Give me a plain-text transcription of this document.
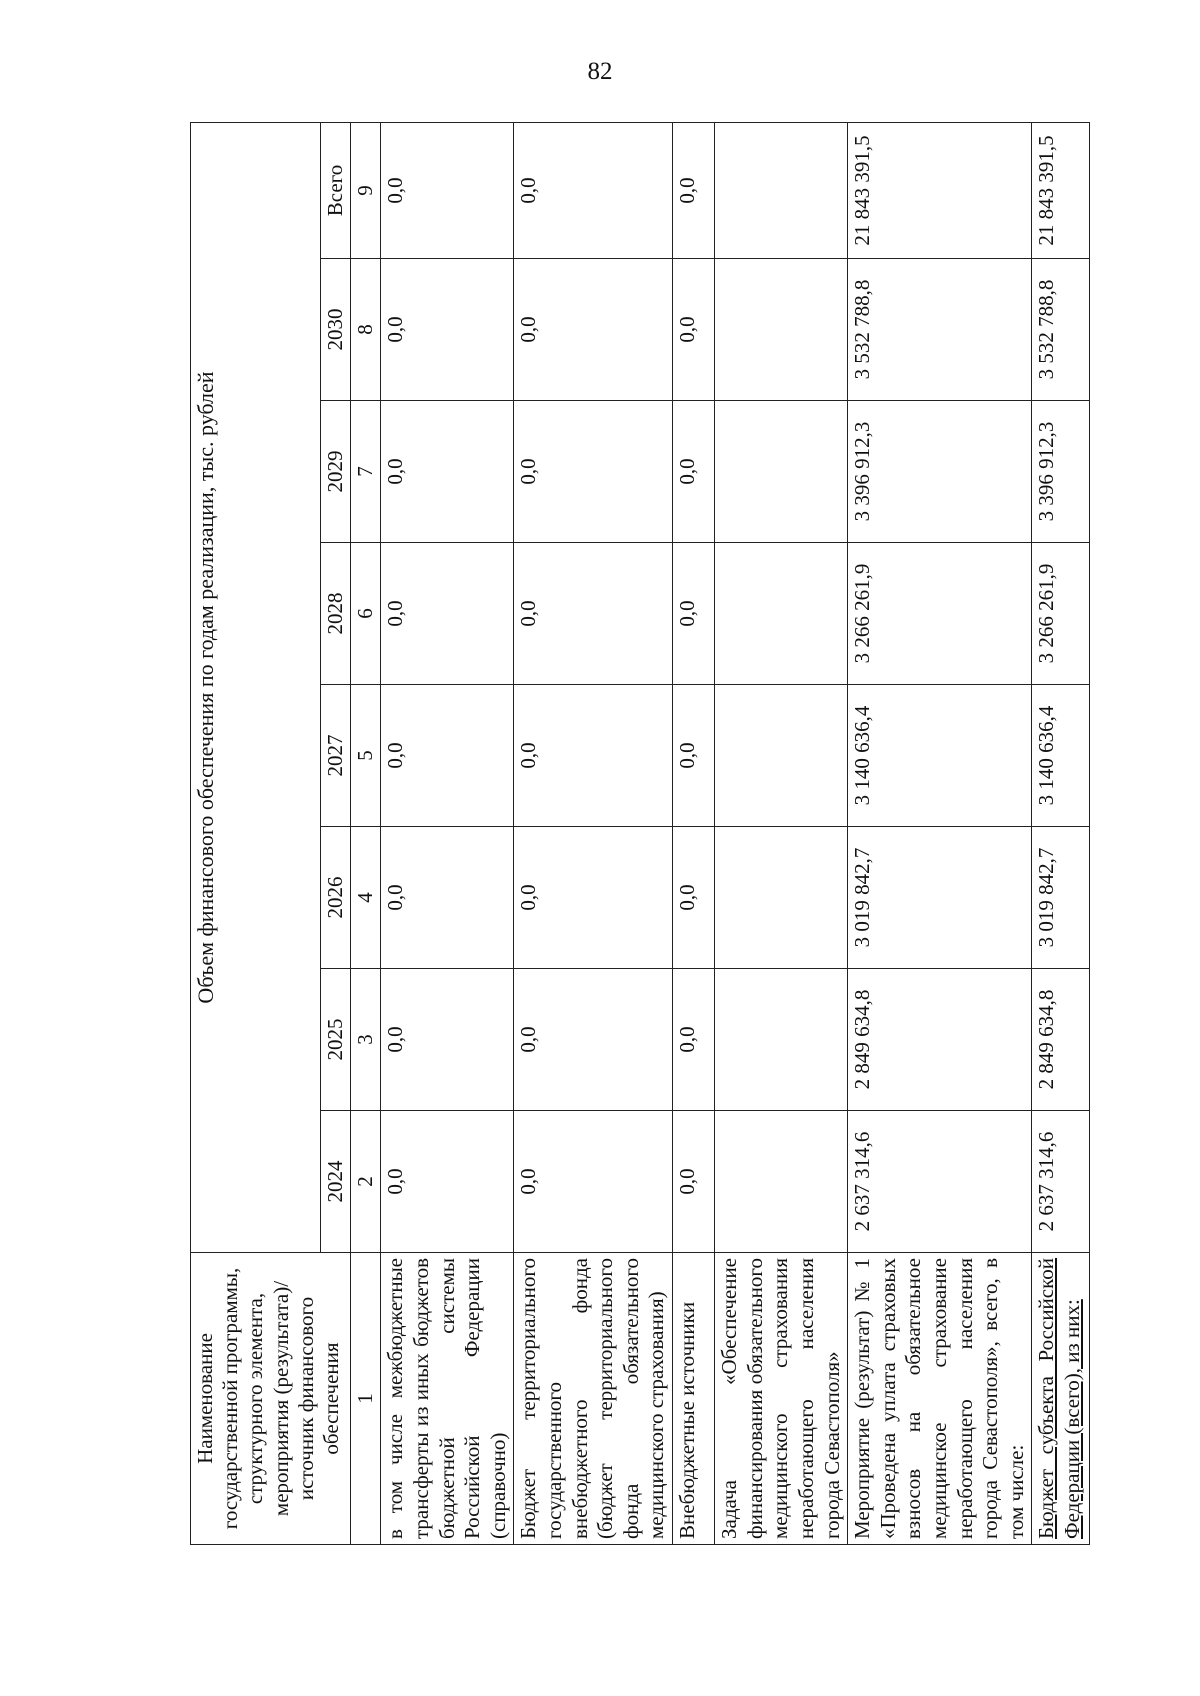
82
Наименование государственной программы, структурного элемента, мероприятия (результата)/источник финансового обеспечения	Объем финансового обеспечения по годам реализации, тыс. рублей							
	2024	2025	2026	2027	2028	2029	2030	Всего
1	2	3	4	5	6	7	8	9
в том числе межбюджетные трансферты из иных бюджетов бюджетной системы Российской Федерации (справочно)	0,0	0,0	0,0	0,0	0,0	0,0	0,0	0,0
Бюджет территориального государственного внебюджетного фонда (бюджет территориального фонда обязательного медицинского страхования)	0,0	0,0	0,0	0,0	0,0	0,0	0,0	0,0
Внебюджетные источники	0,0	0,0	0,0	0,0	0,0	0,0	0,0	0,0
Задача «Обеспечение финансирования обязательного медицинского страхования неработающего населения города Севастополя»								
Мероприятие (результат) № 1 «Проведена уплата страховых взносов на обязательное медицинское страхование неработающего населения города Севастополя», всего, в том числе:	2 637 314,6	2 849 634,8	3 019 842,7	3 140 636,4	3 266 261,9	3 396 912,3	3 532 788,8	21 843 391,5
Бюджет субъекта Российской Федерации (всего), из них:	2 637 314,6	2 849 634,8	3 019 842,7	3 140 636,4	3 266 261,9	3 396 912,3	3 532 788,8	21 843 391,5
